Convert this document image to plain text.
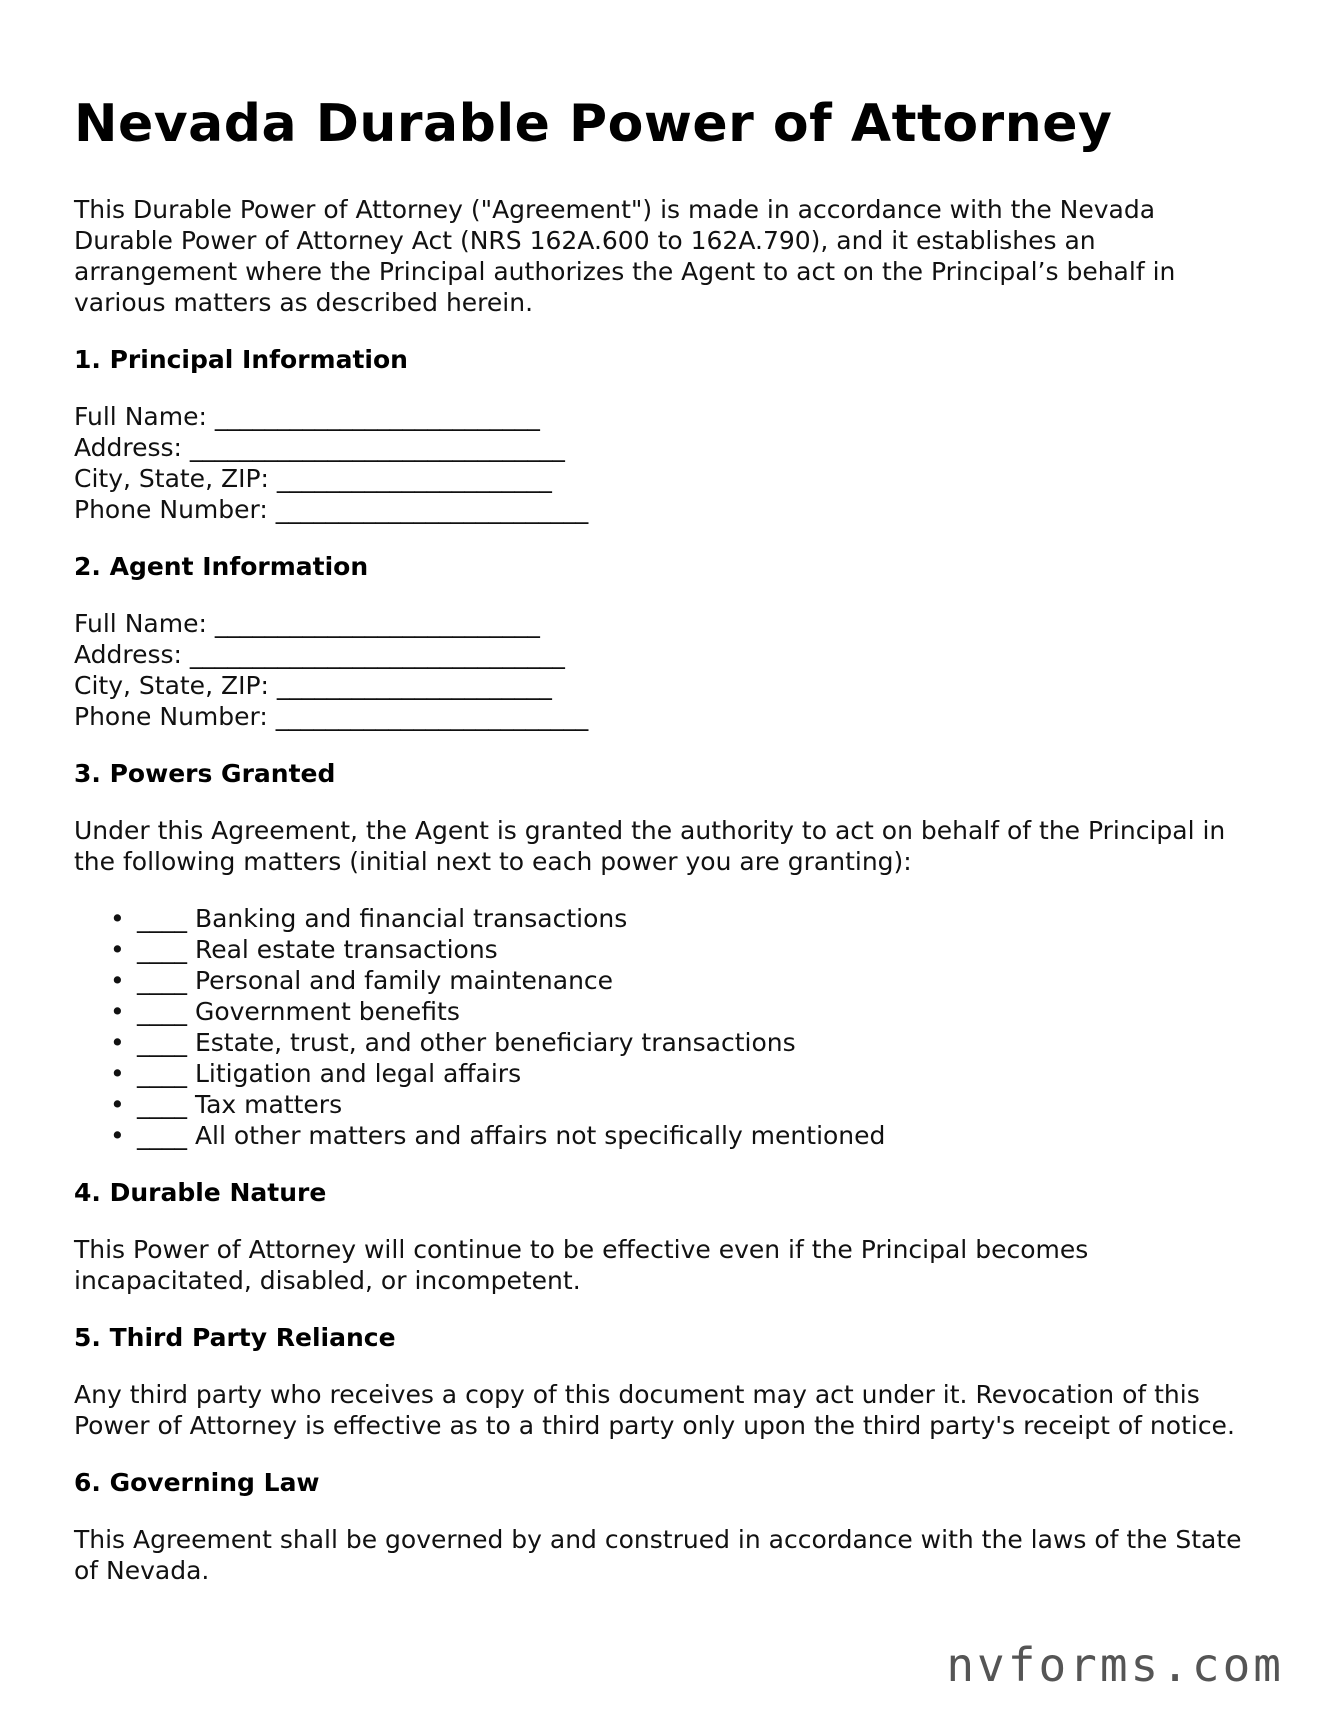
Nevada Durable Power of Attorney

This Durable Power of Attorney ("Agreement") is made in accordance with the Nevada Durable Power of Attorney Act (NRS 162A.600 to 162A.790), and it establishes an arrangement where the Principal authorizes the Agent to act on the Principal’s behalf in various matters as described herein.

1. Principal Information
Full Name: __________________________
Address: ______________________________
City, State, ZIP: ______________________
Phone Number: _________________________
2. Agent Information
Full Name: __________________________
Address: ______________________________
City, State, ZIP: ______________________
Phone Number: _________________________
3. Powers Granted

Under this Agreement, the Agent is granted the authority to act on behalf of the Principal in the following matters (initial next to each power you are granting):

• ____ Banking and financial transactions
• ____ Real estate transactions
• ____ Personal and family maintenance
• ____ Government benefits
• ____ Estate, trust, and other beneficiary transactions
• ____ Litigation and legal affairs
• ____ Tax matters
• ____ All other matters and affairs not specifically mentioned
4. Durable Nature

This Power of Attorney will continue to be effective even if the Principal becomes incapacitated, disabled, or incompetent.

5. Third Party Reliance

Any third party who receives a copy of this document may act under it. Revocation of this Power of Attorney is effective as to a third party only upon the third party's receipt of notice.

6. Governing Law

This Agreement shall be governed by and construed in accordance with the laws of the State of Nevada.

nvforms.com
